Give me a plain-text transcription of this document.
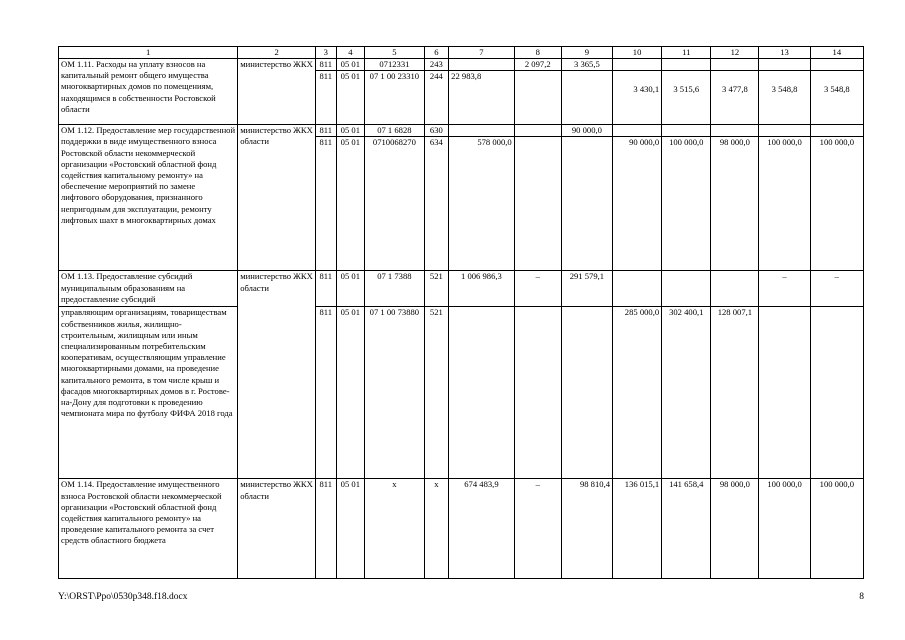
1	2	3	4	5	6	7	8	9	10	11	12	13	14
ОМ 1.11. Расходы на уплату взносов на капитальный ремонт общего имущества многоквартирных домов по помещениям, находящимся в собственности Ростовской области	министерство ЖКХ	811	05 01	0712331	243		2 097,2	3 365,5					
		811	05 01	07 1 00 23310	244	22 983,8			3 430,1	3 515,6	3 477,8	3 548,8	3 548,8
ОМ 1.12. Предоставление мер государственной поддержки в виде имущественного взноса Ростовской области некоммерческой организации «Ростовский областной фонд содействия капитальному ремонту» на обеспечение мероприятий по замене лифтового оборудования, признанного непригодным для эксплуатации, ремонту лифтовых шахт в многоквартирных домах	министерство ЖКХ области	811	05 01	07 1 6828	630			90 000,0					
		811	05 01	0710068270	634	578 000,0			90 000,0	100 000,0	98 000,0	100 000,0	100 000,0
ОМ 1.13. Предоставление субсидий муниципальным образованиям на предоставление субсидий	министерство ЖКХ области	811	05 01	07 1 7388	521	1 006 986,3	–	291 579,1				–	–
управляющим организациям, товариществам собственников жилья, жилищно-строительным, жилищным или иным специализированным потребительским кооперативам, осуществляющим управление многоквартирными домами, на проведение капитального ремонта, в том числе крыш и фасадов многоквартирных домов в г. Ростове-на-Дону для подготовки к проведению чемпионата мира по футболу ФИФА 2018 года		811	05 01	07 1 00 73880	521				285 000,0	302 400,1	128 007,1		
ОМ 1.14. Предоставление имущественного взноса Ростовской области некоммерческой организации «Ростовский областной фонд содействия капитального ремонту» на проведение капитального ремонта за счет средств областного бюджета	министерство ЖКХ области	811	05 01	х	х	674 483,9	–	98 810,4	136 015,1	141 658,4	98 000,0	100 000,0	100 000,0
Y:\ORST\Ppo\0530p348.f18.docx	8
